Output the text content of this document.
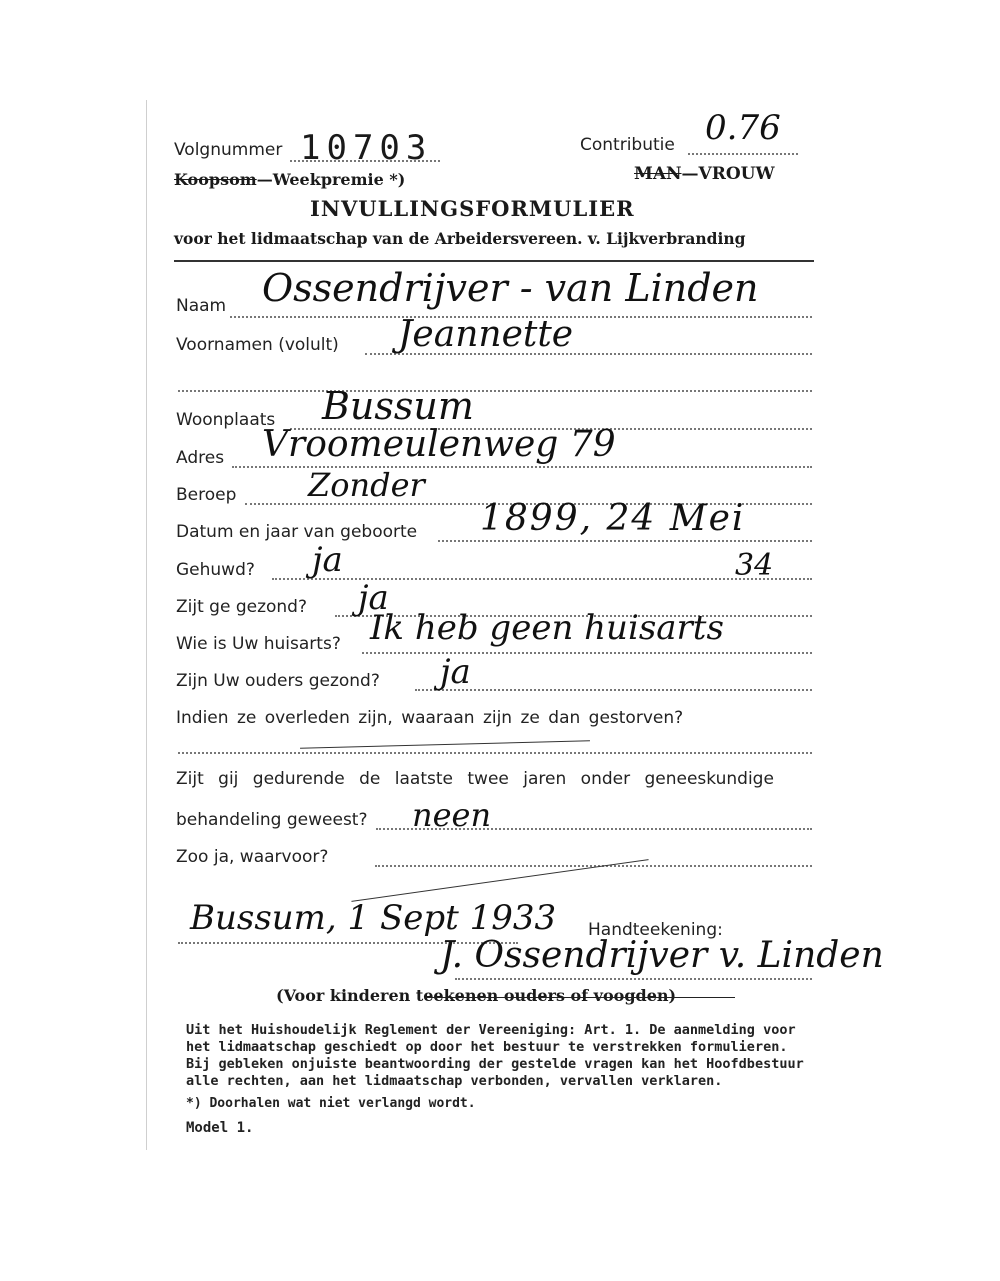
Volgnummer 10703	Contributie 0.76
Koopsom—Weekpremie *)	MAN—VROUW
INVULLINGSFORMULIER
voor het lidmaatschap van de Arbeidersvereen. v. Lijkverbranding
Naam Ossendrijver - van Linden
Voornamen (volult) Jeannette
Woonplaats Bussum
Adres Vroomeulenweg 79
Beroep Zonder
Datum en jaar van geboorte 1899, 24 Mei
Gehuwd? ja	34
Zijt ge gezond? ja
Wie is Uw huisarts? Ik heb geen huisarts
Zijn Uw ouders gezond? ja
Indien ze overleden zijn, waaraan zijn ze dan gestorven?
Zijt gij gedurende de laatste twee jaren onder geneeskundige
behandeling geweest? neen
Zoo ja, waarvoor?
Bussum, 1 Sept 1933 Handteekening:
J. Ossendrijver v. Linden
(Voor kinderen teekenen ouders of voogden)
Uit het Huishoudelijk Reglement der Vereeniging: Art. 1. De aanmelding voor
het lidmaatschap geschiedt op door het bestuur te verstrekken formulieren.
Bij gebleken onjuiste beantwoording der gestelde vragen kan het Hoofdbestuur
alle rechten, aan het lidmaatschap verbonden, vervallen verklaren.
*) Doorhalen wat niet verlangd wordt.
Model 1.
